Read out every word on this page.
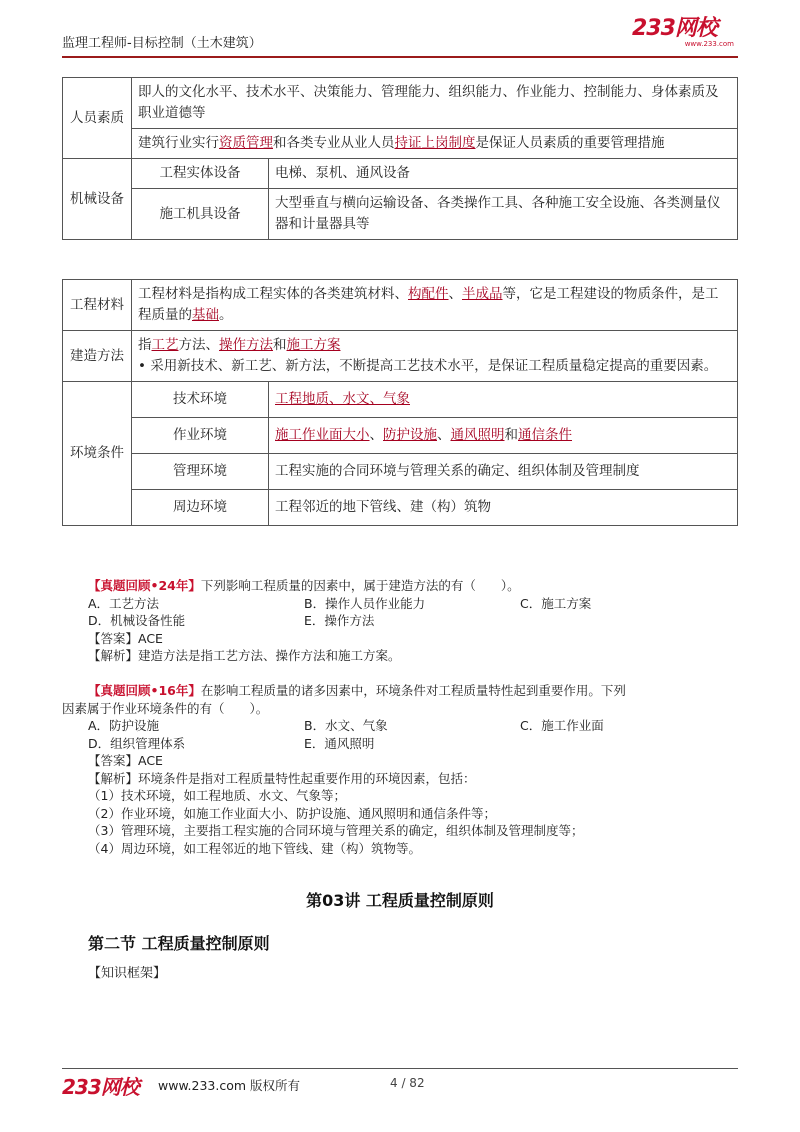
监理工程师-目标控制（土木建筑）
233网校
www.233.com
人员素质	即人的文化水平、技术水平、决策能力、管理能力、组织能力、作业能力、控制能力、身体素质及职业道德等	
	建筑行业实行资质管理和各类专业从业人员持证上岗制度是保证人员素质的重要管理措施	
机械设备	工程实体设备	电梯、泵机、通风设备
	施工机具设备	大型垂直与横向运输设备、各类操作工具、各种施工安全设施、各类测量仪器和计量器具等
工程材料	工程材料是指构成工程实体的各类建筑材料、构配件、半成品等，它是工程建设的物质条件，是工程质量的基础。	
建造方法	指工艺方法、操作方法和施工方案
• 采用新技术、新工艺、新方法，不断提高工艺技术水平，是保证工程质量稳定提高的重要因素。	

环境条件	技术环境	工程地质、水文、气象
	作业环境	施工作业面大小、防护设施、通风照明和通信条件
	管理环境	工程实施的合同环境与管理关系的确定、组织体制及管理制度
	周边环境	工程邻近的地下管线、建（构）筑物
【真题回顾•24年】下列影响工程质量的因素中，属于建造方法的有（　　）。
A．工艺方法	B．操作人员作业能力	C．施工方案
D．机械设备性能	E．操作方法
【答案】ACE
【解析】建造方法是指工艺方法、操作方法和施工方案。
【真题回顾•16年】在影响工程质量的诸多因素中，环境条件对工程质量特性起到重要作用。下列
因素属于作业环境条件的有（　　）。
A．防护设施	B．水文、气象	C．施工作业面
D．组织管理体系	E．通风照明
【答案】ACE
【解析】环境条件是指对工程质量特性起重要作用的环境因素，包括：
（1）技术环境，如工程地质、水文、气象等；
（2）作业环境，如施工作业面大小、防护设施、通风照明和通信条件等；
（3）管理环境，主要指工程实施的合同环境与管理关系的确定，组织体制及管理制度等；
（4）周边环境，如工程邻近的地下管线、建（构）筑物等。
第03讲 工程质量控制原则
第二节 工程质量控制原则
【知识框架】
233网校 www.233.com 版权所有	4 / 82
